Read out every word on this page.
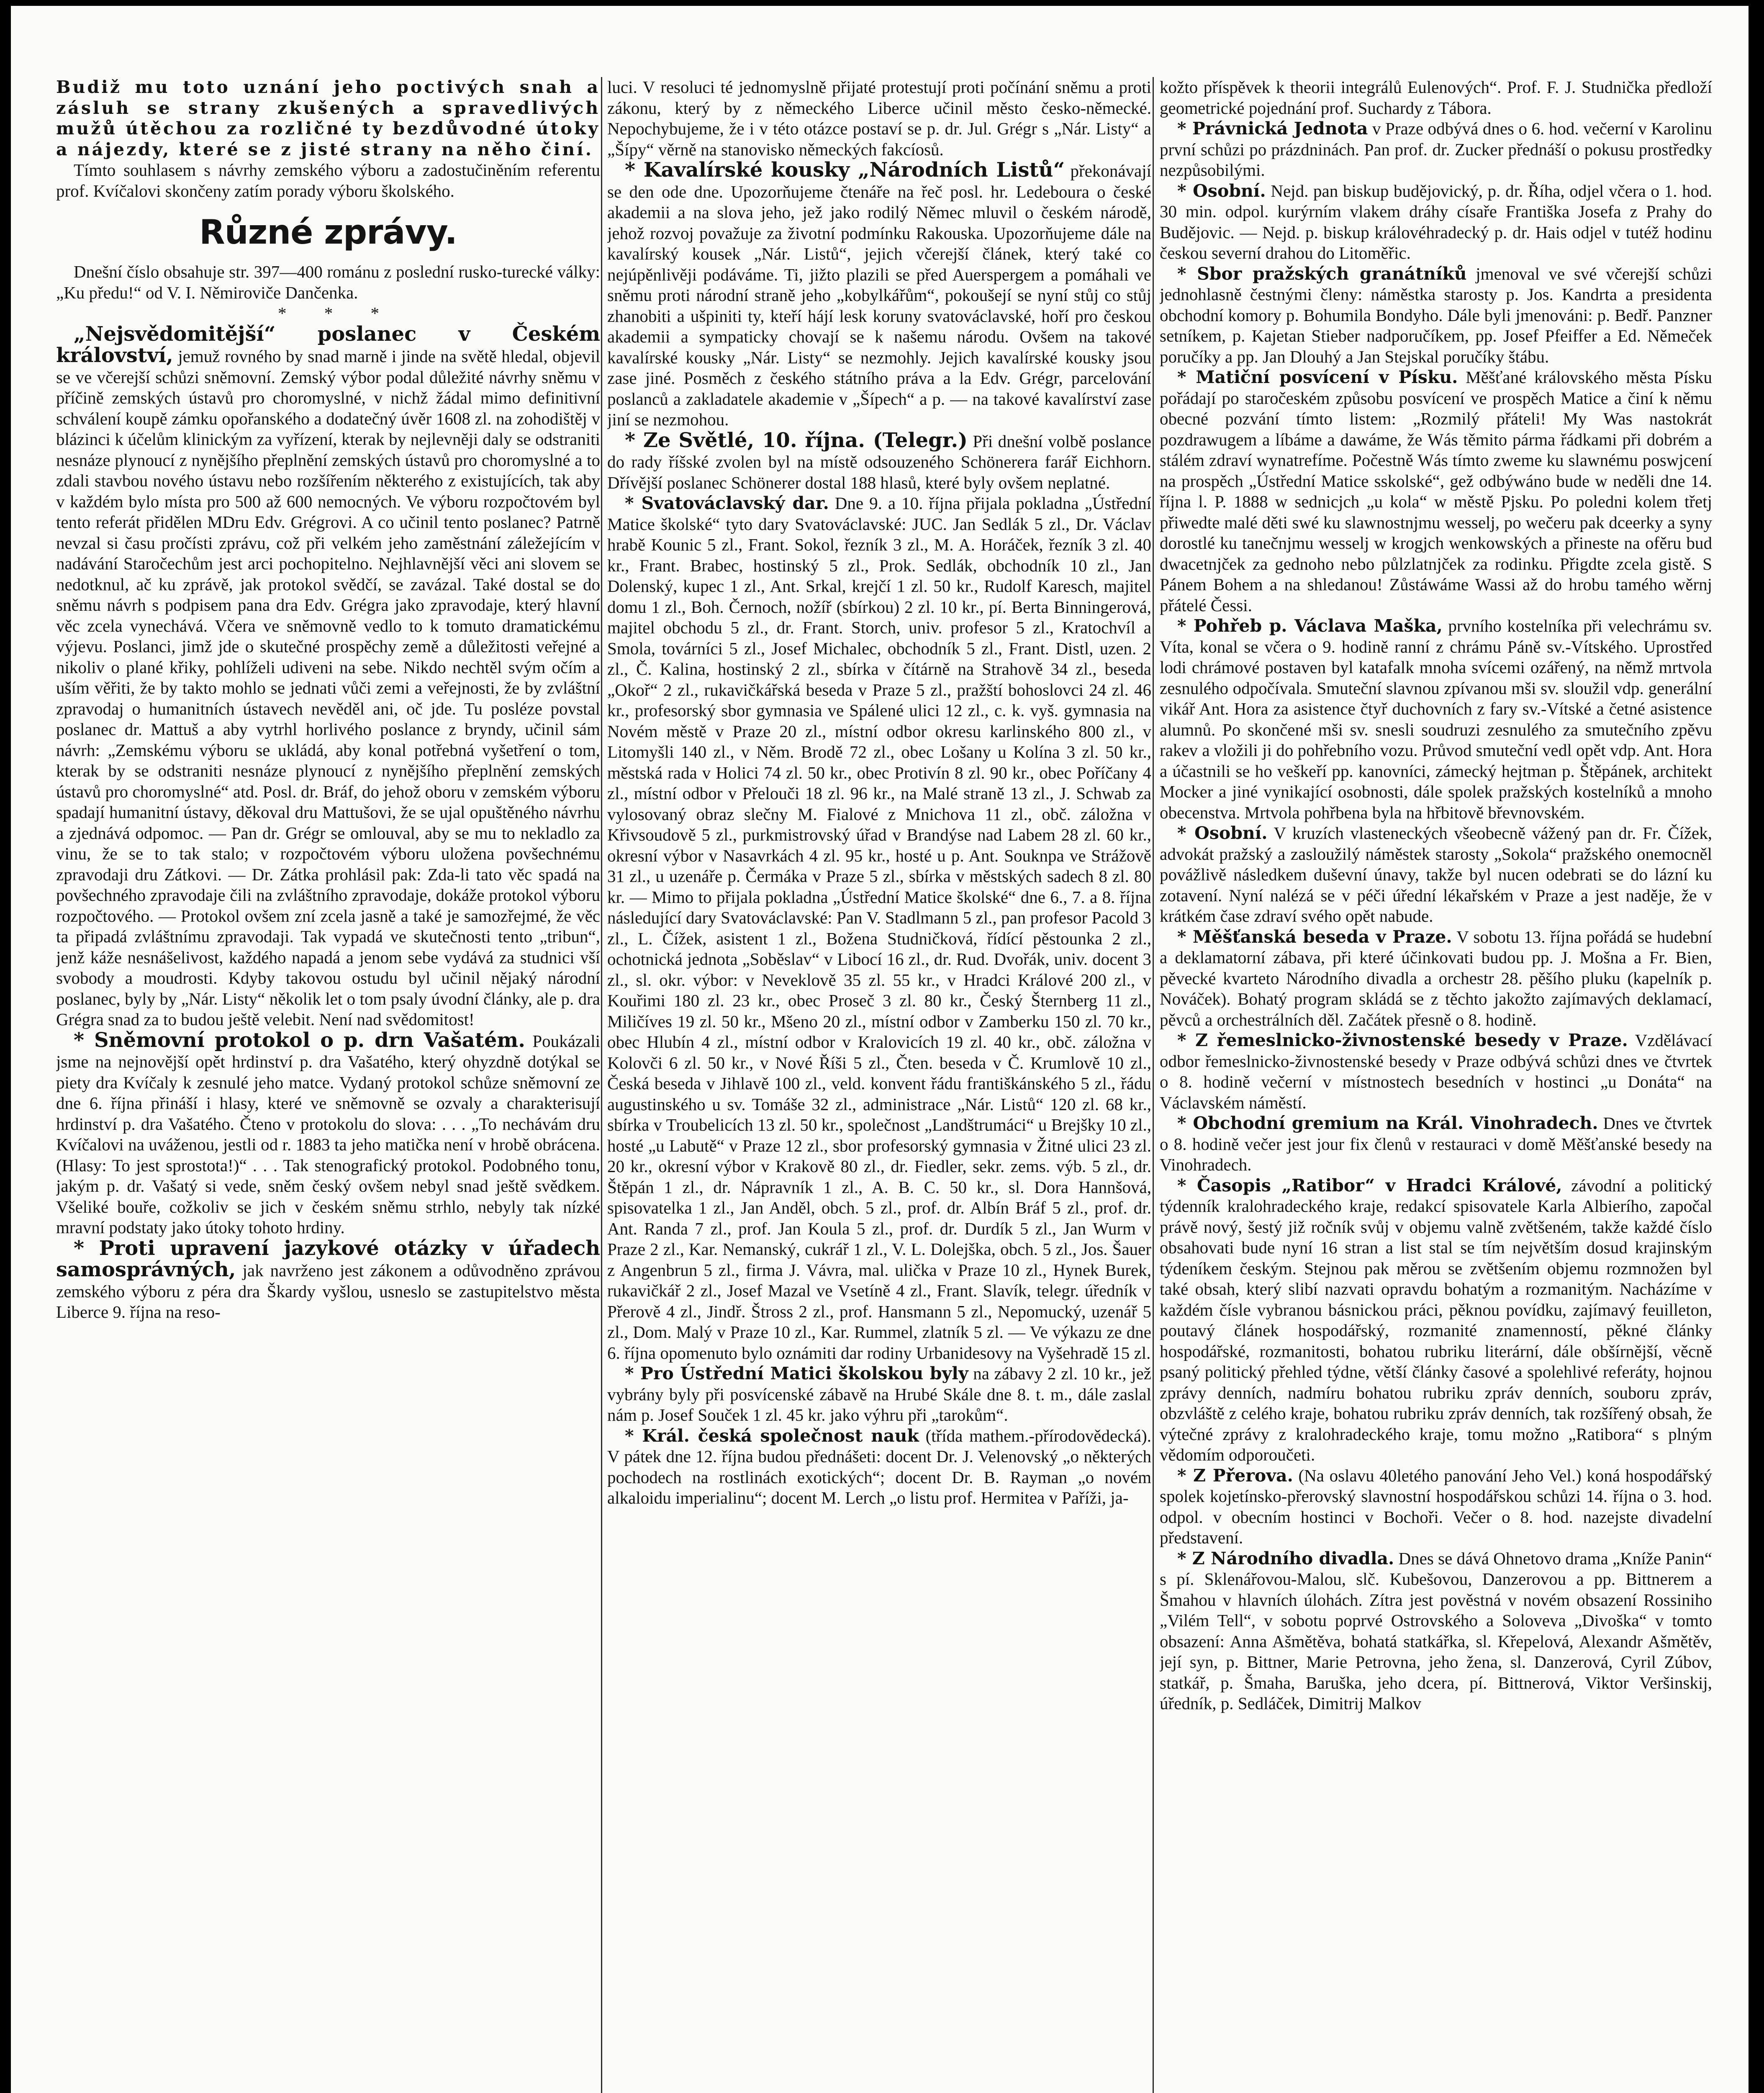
Budiž mu toto uznání jeho poctivých snah a zásluh se strany zkušených a spravedlivých mužů útěchou za rozličné ty bezdůvodné útoky a nájezdy, které se z jisté strany na něho činí.

Tímto souhlasem s návrhy zemského výboru a zadostučiněním referentu prof. Kvíčalovi skončeny zatím porady výboru školského.

Různé zprávy.

Dnešní číslo obsahuje str. 397—400 románu z poslední rusko-turecké války: „Ku předu!“ od V. I. Němiroviče Dančenka.

* * *

„Nejsvědomitější“ poslanec v Českém království, jemuž rovného by snad marně i jinde na světě hledal, objevil se ve včerejší schůzi sněmovní. Zemský výbor podal důležité návrhy sněmu v příčině zemských ústavů pro choromyslné, v nichž žádal mimo definitivní schválení koupě zámku opořanského a dodatečný úvěr 1608 zl. na zohodištěj v blázinci k účelům klinickým za vyřízení, kterak by nejlevněji daly se odstraniti nesnáze plynoucí z nynějšího přeplnění zemských ústavů pro choromyslné a to zdali stavbou nového ústavu nebo rozšířením některého z existujících, tak aby v každém bylo místa pro 500 až 600 nemocných. Ve výboru rozpočtovém byl tento referát přidělen MDru Edv. Grégrovi. A co učinil tento poslanec? Patrně nevzal si času pročísti zprávu, což při velkém jeho zaměstnání záležejícím v nadávání Staročechům jest arci pochopitelno. Nejhlavnější věci ani slovem se nedotknul, ač ku zprávě, jak protokol svědčí, se zavázal. Také dostal se do sněmu návrh s podpisem pana dra Edv. Grégra jako zpravodaje, který hlavní věc zcela vynechává. Včera ve sněmovně vedlo to k tomuto dramatickému výjevu. Poslanci, jimž jde o skutečné prospěchy země a důležitosti veřejné a nikoliv o plané křiky, pohlíželi udiveni na sebe. Nikdo nechtěl svým očím a uším věřiti, že by takto mohlo se jednati vůči zemi a veřejnosti, že by zvláštní zpravodaj o humanitních ústavech nevěděl ani, oč jde. Tu posléze povstal poslanec dr. Mattuš a aby vytrhl horlivého poslance z bryndy, učinil sám návrh: „Zemskému výboru se ukládá, aby konal potřebná vyšetření o tom, kterak by se odstraniti nesnáze plynoucí z nynějšího přeplnění zemských ústavů pro choromyslné“ atd. Posl. dr. Bráf, do jehož oboru v zemském výboru spadají humanitní ústavy, děkoval dru Mattušovi, že se ujal opuštěného návrhu a zjednává odpomoc. — Pan dr. Grégr se omlouval, aby se mu to nekladlo za vinu, že se to tak stalo; v rozpočtovém výboru uložena povšechnému zpravodaji dru Zátkovi. — Dr. Zátka prohlásil pak: Zda-li tato věc spadá na povšechného zpravodaje čili na zvláštního zpravodaje, dokáže protokol výboru rozpočtového. — Protokol ovšem zní zcela jasně a také je samozřejmé, že věc ta připadá zvláštnímu zpravodaji. Tak vypadá ve skutečnosti tento „tribun“, jenž káže nesnášelivost, každého napadá a jenom sebe vydává za studnici vší svobody a moudrosti. Kdyby takovou ostudu byl učinil nějaký národní poslanec, byly by „Nár. Listy“ několik let o tom psaly úvodní články, ale p. dra Grégra snad za to budou ještě velebit. Není nad svědomitost!

* Sněmovní protokol o p. drn Vašatém. Poukázali jsme na nejnovější opět hrdinství p. dra Vašatého, který ohyzdně dotýkal se piety dra Kvíčaly k zesnulé jeho matce. Vydaný protokol schůze sněmovní ze dne 6. října přináší i hlasy, které ve sněmovně se ozvaly a charakterisují hrdinství p. dra Vašatého. Čteno v protokolu do slova: . . . „To nechávám dru Kvíčalovi na uváženou, jestli od r. 1883 ta jeho matička není v hrobě obrácena. (Hlasy: To jest sprostota!)“ . . . Tak stenografický protokol. Podobného tonu, jakým p. dr. Vašatý si vede, sněm český ovšem nebyl snad ještě svědkem. Všeliké bouře, cožkoliv se jich v českém sněmu strhlo, nebyly tak nízké mravní podstaty jako útoky tohoto hrdiny.

* Proti upravení jazykové otázky v úřadech samosprávných, jak navrženo jest zákonem a odůvodněno zprávou zemského výboru z péra dra Škardy vyšlou, usneslo se zastupitelstvo města Liberce 9. října na reso-

luci. V resoluci té jednomyslně přijaté protestují proti počínání sněmu a proti zákonu, který by z německého Liberce učinil město česko-německé. Nepochybujeme, že i v této otázce postaví se p. dr. Jul. Grégr s „Nár. Listy“ a „Šípy“ věrně na stanovisko německých fakcíosů.

* Kavalírské kousky „Národních Listů“ překonávají se den ode dne. Upozorňujeme čtenáře na řeč posl. hr. Ledeboura o české akademii a na slova jeho, jež jako rodilý Němec mluvil o českém národě, jehož rozvoj považuje za životní podmínku Rakouska. Upozorňujeme dále na kavalírský kousek „Nár. Listů“, jejich včerejší článek, který také co nejúpěnlivěji podáváme. Ti, jižto plazili se před Auerspergem a pomáhali ve sněmu proti národní straně jeho „kobylkářům“, pokoušejí se nyní stůj co stůj zhanobiti a ušpiniti ty, kteří hájí lesk koruny svatováclavské, hoří pro českou akademii a sympaticky chovají se k našemu národu. Ovšem na takové kavalírské kousky „Nár. Listy“ se nezmohly. Jejich kavalírské kousky jsou zase jiné. Posměch z českého státního práva a la Edv. Grégr, parcelování poslanců a zakladatele akademie v „Šípech“ a p. — na takové kavalírství zase jiní se nezmohou.

* Ze Světlé, 10. října. (Telegr.) Při dnešní volbě poslance do rady říšské zvolen byl na místě odsouzeného Schönerera farář Eichhorn. Dřívější poslanec Schönerer dostal 188 hlasů, které byly ovšem neplatné.

* Svatováclavský dar. Dne 9. a 10. října přijala pokladna „Ústřední Matice školské“ tyto dary Svatováclavské: JUC. Jan Sedlák 5 zl., Dr. Václav hrabě Kounic 5 zl., Frant. Sokol, řezník 3 zl., M. A. Horáček, řezník 3 zl. 40 kr., Frant. Brabec, hostinský 5 zl., Prok. Sedlák, obchodník 10 zl., Jan Dolenský, kupec 1 zl., Ant. Srkal, krejčí 1 zl. 50 kr., Rudolf Karesch, majitel domu 1 zl., Boh. Černoch, nožíř (sbírkou) 2 zl. 10 kr., pí. Berta Binningerová, majitel obchodu 5 zl., dr. Frant. Storch, univ. profesor 5 zl., Kratochvíl a Smola, továrníci 5 zl., Josef Michalec, obchodník 5 zl., Frant. Distl, uzen. 2 zl., Č. Kalina, hostinský 2 zl., sbírka v čítárně na Strahově 34 zl., beseda „Okoř“ 2 zl., rukavičkářská beseda v Praze 5 zl., pražští bohoslovci 24 zl. 46 kr., profesorský sbor gymnasia ve Spálené ulici 12 zl., c. k. vyš. gymnasia na Novém městě v Praze 20 zl., místní odbor okresu karlinského 800 zl., v Litomyšli 140 zl., v Něm. Brodě 72 zl., obec Lošany u Kolína 3 zl. 50 kr., městská rada v Holici 74 zl. 50 kr., obec Protivín 8 zl. 90 kr., obec Poříčany 4 zl., místní odbor v Přelouči 18 zl. 96 kr., na Malé straně 13 zl., J. Schwab za vylosovaný obraz slečny M. Fialové z Mnichova 11 zl., obč. záložna v Křivsoudově 5 zl., purkmistrovský úřad v Brandýse nad Labem 28 zl. 60 kr., okresní výbor v Nasavrkách 4 zl. 95 kr., hosté u p. Ant. Souknpa ve Strážově 31 zl., u uzenáře p. Čermáka v Praze 5 zl., sbírka v městských sadech 8 zl. 80 kr. — Mimo to přijala pokladna „Ústřední Matice školské“ dne 6., 7. a 8. října následující dary Svatováclavské: Pan V. Stadlmann 5 zl., pan profesor Pacold 3 zl., L. Čížek, asistent 1 zl., Božena Studničková, řídící pěstounka 2 zl., ochotnická jednota „Soběslav“ v Libocí 16 zl., dr. Rud. Dvořák, univ. docent 3 zl., sl. okr. výbor: v Neveklově 35 zl. 55 kr., v Hradci Králové 200 zl., v Kouřimi 180 zl. 23 kr., obec Proseč 3 zl. 80 kr., Český Šternberg 11 zl., Miličíves 19 zl. 50 kr., Mšeno 20 zl., místní odbor v Zamberku 150 zl. 70 kr., obec Hlubín 4 zl., místní odbor v Kralovicích 19 zl. 40 kr., obč. záložna v Kolovči 6 zl. 50 kr., v Nové Říši 5 zl., Čten. beseda v Č. Krumlově 10 zl., Česká beseda v Jihlavě 100 zl., veld. konvent řádu františkánského 5 zl., řádu augustinského u sv. Tomáše 32 zl., administrace „Nár. Listů“ 120 zl. 68 kr., sbírka v Troubelicích 13 zl. 50 kr., společnost „Landštrumáci“ u Brejšky 10 zl., hosté „u Labutě“ v Praze 12 zl., sbor profesorský gymnasia v Žitné ulici 23 zl. 20 kr., okresní výbor v Krakově 80 zl., dr. Fiedler, sekr. zems. výb. 5 zl., dr. Štěpán 1 zl., dr. Nápravník 1 zl., A. B. C. 50 kr., sl. Dora Hannšová, spisovatelka 1 zl., Jan Anděl, obch. 5 zl., prof. dr. Albín Bráf 5 zl., prof. dr. Ant. Randa 7 zl., prof. Jan Koula 5 zl., prof. dr. Durdík 5 zl., Jan Wurm v Praze 2 zl., Kar. Nemanský, cukrář 1 zl., V. L. Dolejška, obch. 5 zl., Jos. Šauer z Angenbrun 5 zl., firma J. Vávra, mal. ulička v Praze 10 zl., Hynek Burek, rukavičkář 2 zl., Josef Mazal ve Vsetíně 4 zl., Frant. Slavík, telegr. úředník v Přerově 4 zl., Jindř. Štross 2 zl., prof. Hansmann 5 zl., Nepomucký, uzenář 5 zl., Dom. Malý v Praze 10 zl., Kar. Rummel, zlatník 5 zl. — Ve výkazu ze dne 6. října opomenuto bylo oznámiti dar rodiny Urbanidesovy na Vyšehradě 15 zl.

* Pro Ústřední Matici školskou byly na zábavy 2 zl. 10 kr., jež vybrány byly při posvícenské zábavě na Hrubé Skále dne 8. t. m., dále zaslal nám p. Josef Souček 1 zl. 45 kr. jako výhru při „tarokům“.

* Král. česká společnost nauk (třída mathem.-přírodovědecká). V pátek dne 12. října budou přednášeti: docent Dr. J. Velenovský „o některých pochodech na rostlinách exotických“; docent Dr. B. Rayman „o novém alkaloidu imperialinu“; docent M. Lerch „o listu prof. Hermitea v Paříži, ja-

kožto příspěvek k theorii integrálů Eulenových“. Prof. F. J. Studnička předloží geometrické pojednání prof. Suchardy z Tábora.

* Právnická Jednota v Praze odbývá dnes o 6. hod. večerní v Karolinu první schůzi po prázdninách. Pan prof. dr. Zucker přednáší o pokusu prostředky nezpůsobilými.

* Osobní. Nejd. pan biskup budějovický, p. dr. Říha, odjel včera o 1. hod. 30 min. odpol. kurýrním vlakem dráhy císaře Františka Josefa z Prahy do Budějovic. — Nejd. p. biskup královéhradecký p. dr. Hais odjel v tutéž hodinu českou severní drahou do Litoměřic.

* Sbor pražských granátníků jmenoval ve své včerejší schůzi jednohlasně čestnými členy: náměstka starosty p. Jos. Kandrta a presidenta obchodní komory p. Bohumila Bondyho. Dále byli jmenováni: p. Bedř. Panzner setníkem, p. Kajetan Stieber nadporučíkem, pp. Josef Pfeiffer a Ed. Němeček poručíky a pp. Jan Dlouhý a Jan Stejskal poručíky štábu.

* Matiční posvícení v Písku. Měšťané královského města Písku pořádají po staročeském způsobu posvícení ve prospěch Matice a činí k němu obecné pozvání tímto listem: „Rozmilý přáteli! My Was nastokrát pozdrawugem a líbáme a dawáme, že Wás těmito párma řádkami při dobrém a stálém zdraví wynatrefíme. Počestně Wás tímto zweme ku slawnému poswjcení na prospěch „Ústřední Matice sskolské“, gež odbýwáno bude w neděli dne 14. října l. P. 1888 w sednicjch „u kola“ w městě Pjsku. Po poledni kolem třetj přiwedte malé děti swé ku slawnostnjmu wesselj, po wečeru pak dceerky a syny dorostlé ku tanečnjmu wesselj w krogjch wenkowských a přineste na ofěru bud dwacetnjček za gednoho nebo půlzlatnjček za rodinku. Přigdte zcela gistě. S Pánem Bohem a na shledanou! Zůstáwáme Wassi až do hrobu tamého wěrnj přátelé Čessi.

* Pohřeb p. Václava Maška, prvního kostelníka při velechrámu sv. Víta, konal se včera o 9. hodině ranní z chrámu Páně sv.-Vítského. Uprostřed lodi chrámové postaven byl katafalk mnoha svícemi ozářený, na němž mrtvola zesnulého odpočívala. Smuteční slavnou zpívanou mši sv. sloužil vdp. generální vikář Ant. Hora za asistence čtyř duchovních z fary sv.-Vítské a četné asistence alumnů. Po skončené mši sv. snesli soudruzi zesnulého za smutečního zpěvu rakev a vložili ji do pohřebního vozu. Průvod smuteční vedl opět vdp. Ant. Hora a účastnili se ho veškeří pp. kanovníci, zámecký hejtman p. Štěpánek, architekt Mocker a jiné vynikající osobnosti, dále spolek pražských kostelníků a mnoho obecenstva. Mrtvola pohřbena byla na hřbitově břevnovském.

* Osobní. V kruzích vlasteneckých všeobecně vážený pan dr. Fr. Čížek, advokát pražský a zasloužilý náměstek starosty „Sokola“ pražského onemocněl povážlivě následkem duševní únavy, takže byl nucen odebrati se do lázní ku zotavení. Nyní nalézá se v péči úřední lékařském v Praze a jest naděje, že v krátkém čase zdraví svého opět nabude.

* Měšťanská beseda v Praze. V sobotu 13. října pořádá se hudební a deklamatorní zábava, při které účinkovati budou pp. J. Mošna a Fr. Bien, pěvecké kvarteto Národního divadla a orchestr 28. pěšího pluku (kapelník p. Nováček). Bohatý program skládá se z těchto jakožto zajímavých deklamací, pěvců a orchestrálních děl. Začátek přesně o 8. hodině.

* Z řemeslnicko-živnostenské besedy v Praze. Vzdělávací odbor řemeslnicko-živnostenské besedy v Praze odbývá schůzi dnes ve čtvrtek o 8. hodině večerní v místnostech besedních v hostinci „u Donáta“ na Václavském náměstí.

* Obchodní gremium na Král. Vinohradech. Dnes ve čtvrtek o 8. hodině večer jest jour fix členů v restauraci v domě Měšťanské besedy na Vinohradech.

* Časopis „Ratibor“ v Hradci Králové, závodní a politický týdenník kralohradeckého kraje, redakcí spisovatele Karla Albierího, započal právě nový, šestý již ročník svůj v objemu valně zvětšeném, takže každé číslo obsahovati bude nyní 16 stran a list stal se tím největším dosud krajinským týdeníkem českým. Stejnou pak měrou se zvětšením objemu rozmnožen byl také obsah, který slibí nazvati opravdu bohatým a rozmanitým. Nacházíme v každém čísle vybranou básnickou práci, pěknou povídku, zajímavý feuilleton, poutavý článek hospodářský, rozmanité znamenností, pěkné články hospodářské, rozmanitosti, bohatou rubriku literární, dále obšírnější, věcně psaný politický přehled týdne, větší články časové a spolehlivé referáty, hojnou zprávy denních, nadmíru bohatou rubriku zpráv denních, souboru zpráv, obzvláště z celého kraje, bohatou rubriku zpráv denních, tak rozšířený obsah, že výtečné zprávy z kralohradeckého kraje, tomu možno „Ratibora“ s plným vědomím odporoučeti.

* Z Přerova. (Na oslavu 40letého panování Jeho Vel.) koná hospodářský spolek kojetínsko-přerovský slavnostní hospodářskou schůzi 14. října o 3. hod. odpol. v obecním hostinci v Bochoři. Večer o 8. hod. nazejste divadelní představení.

* Z Národního divadla. Dnes se dává Ohnetovo drama „Kníže Panin“ s pí. Sklenářovou-Malou, slč. Kubešovou, Danzerovou a pp. Bittnerem a Šmahou v hlavních úlohách. Zítra jest pověstná v novém obsazení Rossiniho „Vilém Tell“, v sobotu poprvé Ostrovského a Soloveva „Divoška“ v tomto obsazení: Anna Ašmětěva, bohatá statkářka, sl. Křepelová, Alexandr Ašmětěv, její syn, p. Bittner, Marie Petrovna, jeho žena, sl. Danzerová, Cyril Zúbov, statkář, p. Šmaha, Baruška, jeho dcera, pí. Bittnerová, Viktor Veršinskij, úředník, p. Sedláček, Dimitrij Malkov
